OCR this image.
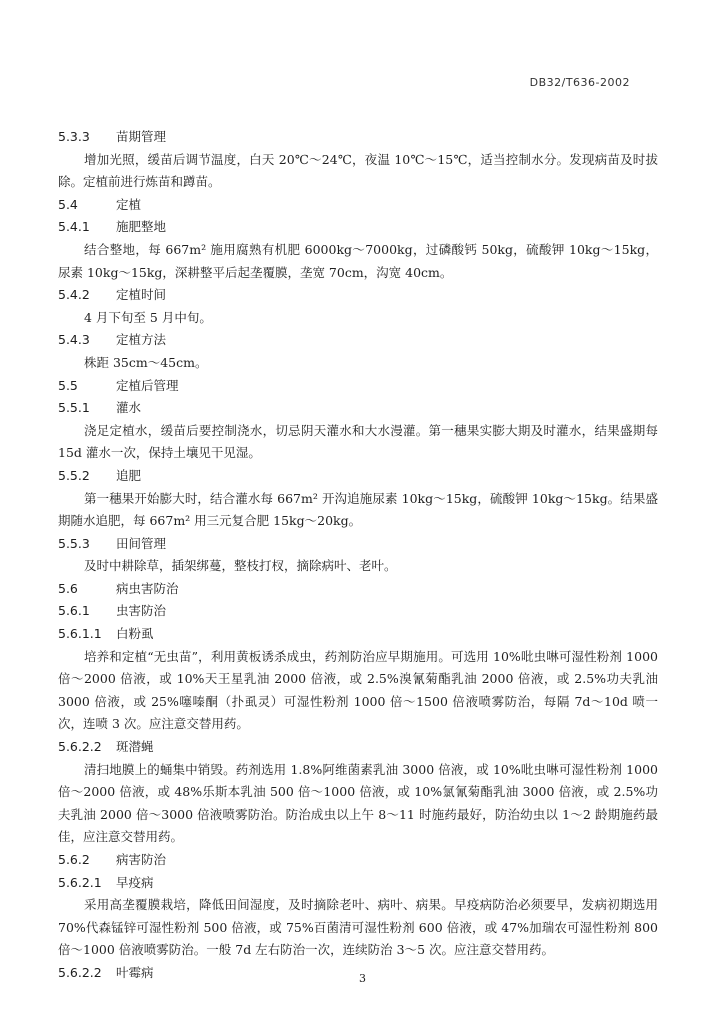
DB32/T636-2002
5.3.3 苗期管理
增加光照，缓苗后调节温度，白天 20℃～24℃，夜温 10℃～15℃，适当控制水分。发现病苗及时拔除。定植前进行炼苗和蹲苗。
5.4	定植
5.4.1 施肥整地
结合整地，每 667m² 施用腐熟有机肥 6000kg～7000kg，过磷酸钙 50kg，硫酸钾 10kg～15kg，尿素 10kg～15kg，深耕整平后起垄覆膜，垄宽 70cm，沟宽 40cm。
5.4.2 定植时间
4 月下旬至 5 月中旬。
5.4.3 定植方法
株距 35cm～45cm。
5.5	定植后管理
5.5.1 灌水
浇足定植水，缓苗后要控制浇水，切忌阴天灌水和大水漫灌。第一穗果实膨大期及时灌水，结果盛期每 15d 灌水一次，保持土壤见干见湿。
5.5.2 追肥
第一穗果开始膨大时，结合灌水每 667m² 开沟追施尿素 10kg～15kg，硫酸钾 10kg～15kg。结果盛期随水追肥，每 667m² 用三元复合肥 15kg～20kg。
5.5.3 田间管理
及时中耕除草，插架绑蔓，整枝打杈，摘除病叶、老叶。
5.6	病虫害防治
5.6.1 虫害防治
5.6.1.1 白粉虱
培养和定植“无虫苗”，利用黄板诱杀成虫，药剂防治应早期施用。可选用 10%吡虫啉可湿性粉剂 1000 倍～2000 倍液，或 10%天王星乳油 2000 倍液，或 2.5%溴氰菊酯乳油 2000 倍液，或 2.5%功夫乳油 3000 倍液，或 25%噻嗪酮（扑虱灵）可湿性粉剂 1000 倍～1500 倍液喷雾防治，每隔 7d～10d 喷一次，连喷 3 次。应注意交替用药。
5.6.2.2 斑潜蝇
清扫地膜上的蛹集中销毁。药剂选用 1.8%阿维菌素乳油 3000 倍液，或 10%吡虫啉可湿性粉剂 1000 倍～2000 倍液，或 48%乐斯本乳油 500 倍～1000 倍液，或 10%氯氰菊酯乳油 3000 倍液，或 2.5%功夫乳油 2000 倍～3000 倍液喷雾防治。防治成虫以上午 8～11 时施药最好，防治幼虫以 1～2 龄期施药最佳，应注意交替用药。
5.6.2 病害防治
5.6.2.1 早疫病
采用高垄覆膜栽培，降低田间湿度，及时摘除老叶、病叶、病果。早疫病防治必须要早，发病初期选用 70%代森锰锌可湿性粉剂 500 倍液，或 75%百菌清可湿性粉剂 600 倍液，或 47%加瑞农可湿性粉剂 800 倍～1000 倍液喷雾防治。一般 7d 左右防治一次，连续防治 3～5 次。应注意交替用药。
5.6.2.2 叶霉病	3
